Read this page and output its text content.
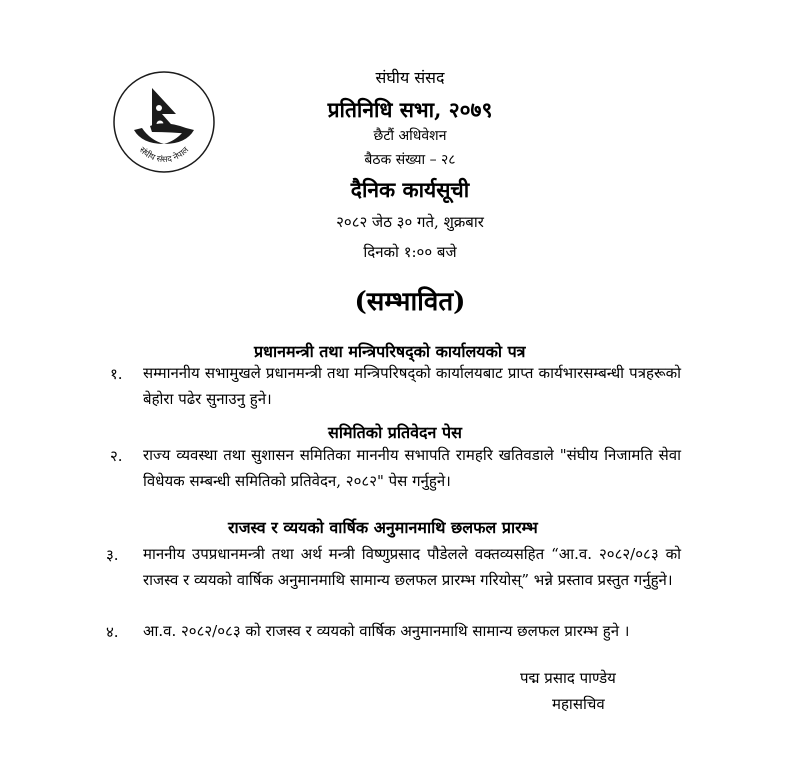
संघीय संसद नेपाल
संघीय संसद
प्रतिनिधि सभा, २०७९
छैटौं अधिवेशन
बैठक संख्या – २८
दैनिक कार्यसूची
२०८२ जेठ ३० गते, शुक्रबार
दिनको १:०० बजे
(सम्भावित)
प्रधानमन्त्री तथा मन्त्रिपरिषद्को कार्यालयको पत्र
१. सम्माननीय सभामुखले प्रधानमन्त्री तथा मन्त्रिपरिषद्को कार्यालयबाट प्राप्त कार्यभारसम्बन्धी पत्रहरूको बेहोरा पढेर सुनाउनु हुने।
समितिको प्रतिवेदन पेस
२. राज्य व्यवस्था तथा सुशासन समितिका माननीय सभापति रामहरि खतिवडाले "संघीय निजामति सेवा विधेयक सम्बन्धी समितिको प्रतिवेदन, २०८२" पेस गर्नुहुने।
राजस्व र व्ययको वार्षिक अनुमानमाथि छलफल प्रारम्भ
३. माननीय उपप्रधानमन्त्री तथा अर्थ मन्त्री विष्णुप्रसाद पौडेलले वक्तव्यसहित “आ.व. २०८२/०८३ को राजस्व र व्ययको वार्षिक अनुमानमाथि सामान्य छलफल प्रारम्भ गरियोस्” भन्ने प्रस्ताव प्रस्तुत गर्नुहुने।
४. आ.व. २०८२/०८३ को राजस्व र व्ययको वार्षिक अनुमानमाथि सामान्य छलफल प्रारम्भ हुने ।
पद्म प्रसाद पाण्डेय
महासचिव
